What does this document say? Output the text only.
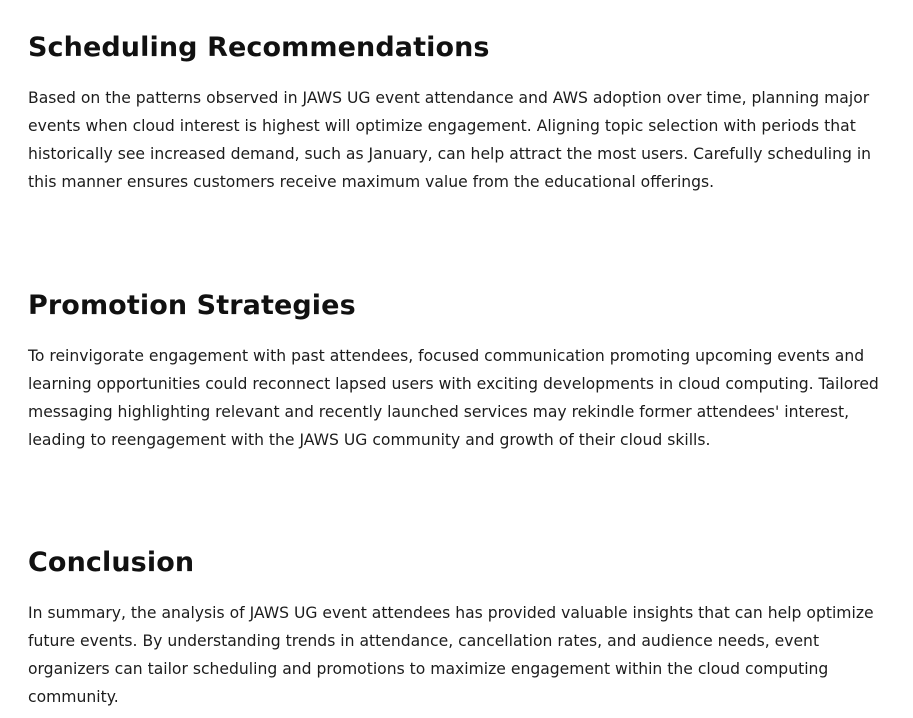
Scheduling Recommendations

Based on the patterns observed in JAWS UG event attendance and AWS adoption over time, planning major events when cloud interest is highest will optimize engagement. Aligning topic selection with periods that historically see increased demand, such as January, can help attract the most users. Carefully scheduling in this manner ensures customers receive maximum value from the educational offerings.

Promotion Strategies

To reinvigorate engagement with past attendees, focused communication promoting upcoming events and learning opportunities could reconnect lapsed users with exciting developments in cloud computing. Tailored messaging highlighting relevant and recently launched services may rekindle former attendees' interest, leading to reengagement with the JAWS UG community and growth of their cloud skills.

Conclusion

In summary, the analysis of JAWS UG event attendees has provided valuable insights that can help optimize future events. By understanding trends in attendance, cancellation rates, and audience needs, event organizers can tailor scheduling and promotions to maximize engagement within the cloud computing community.
